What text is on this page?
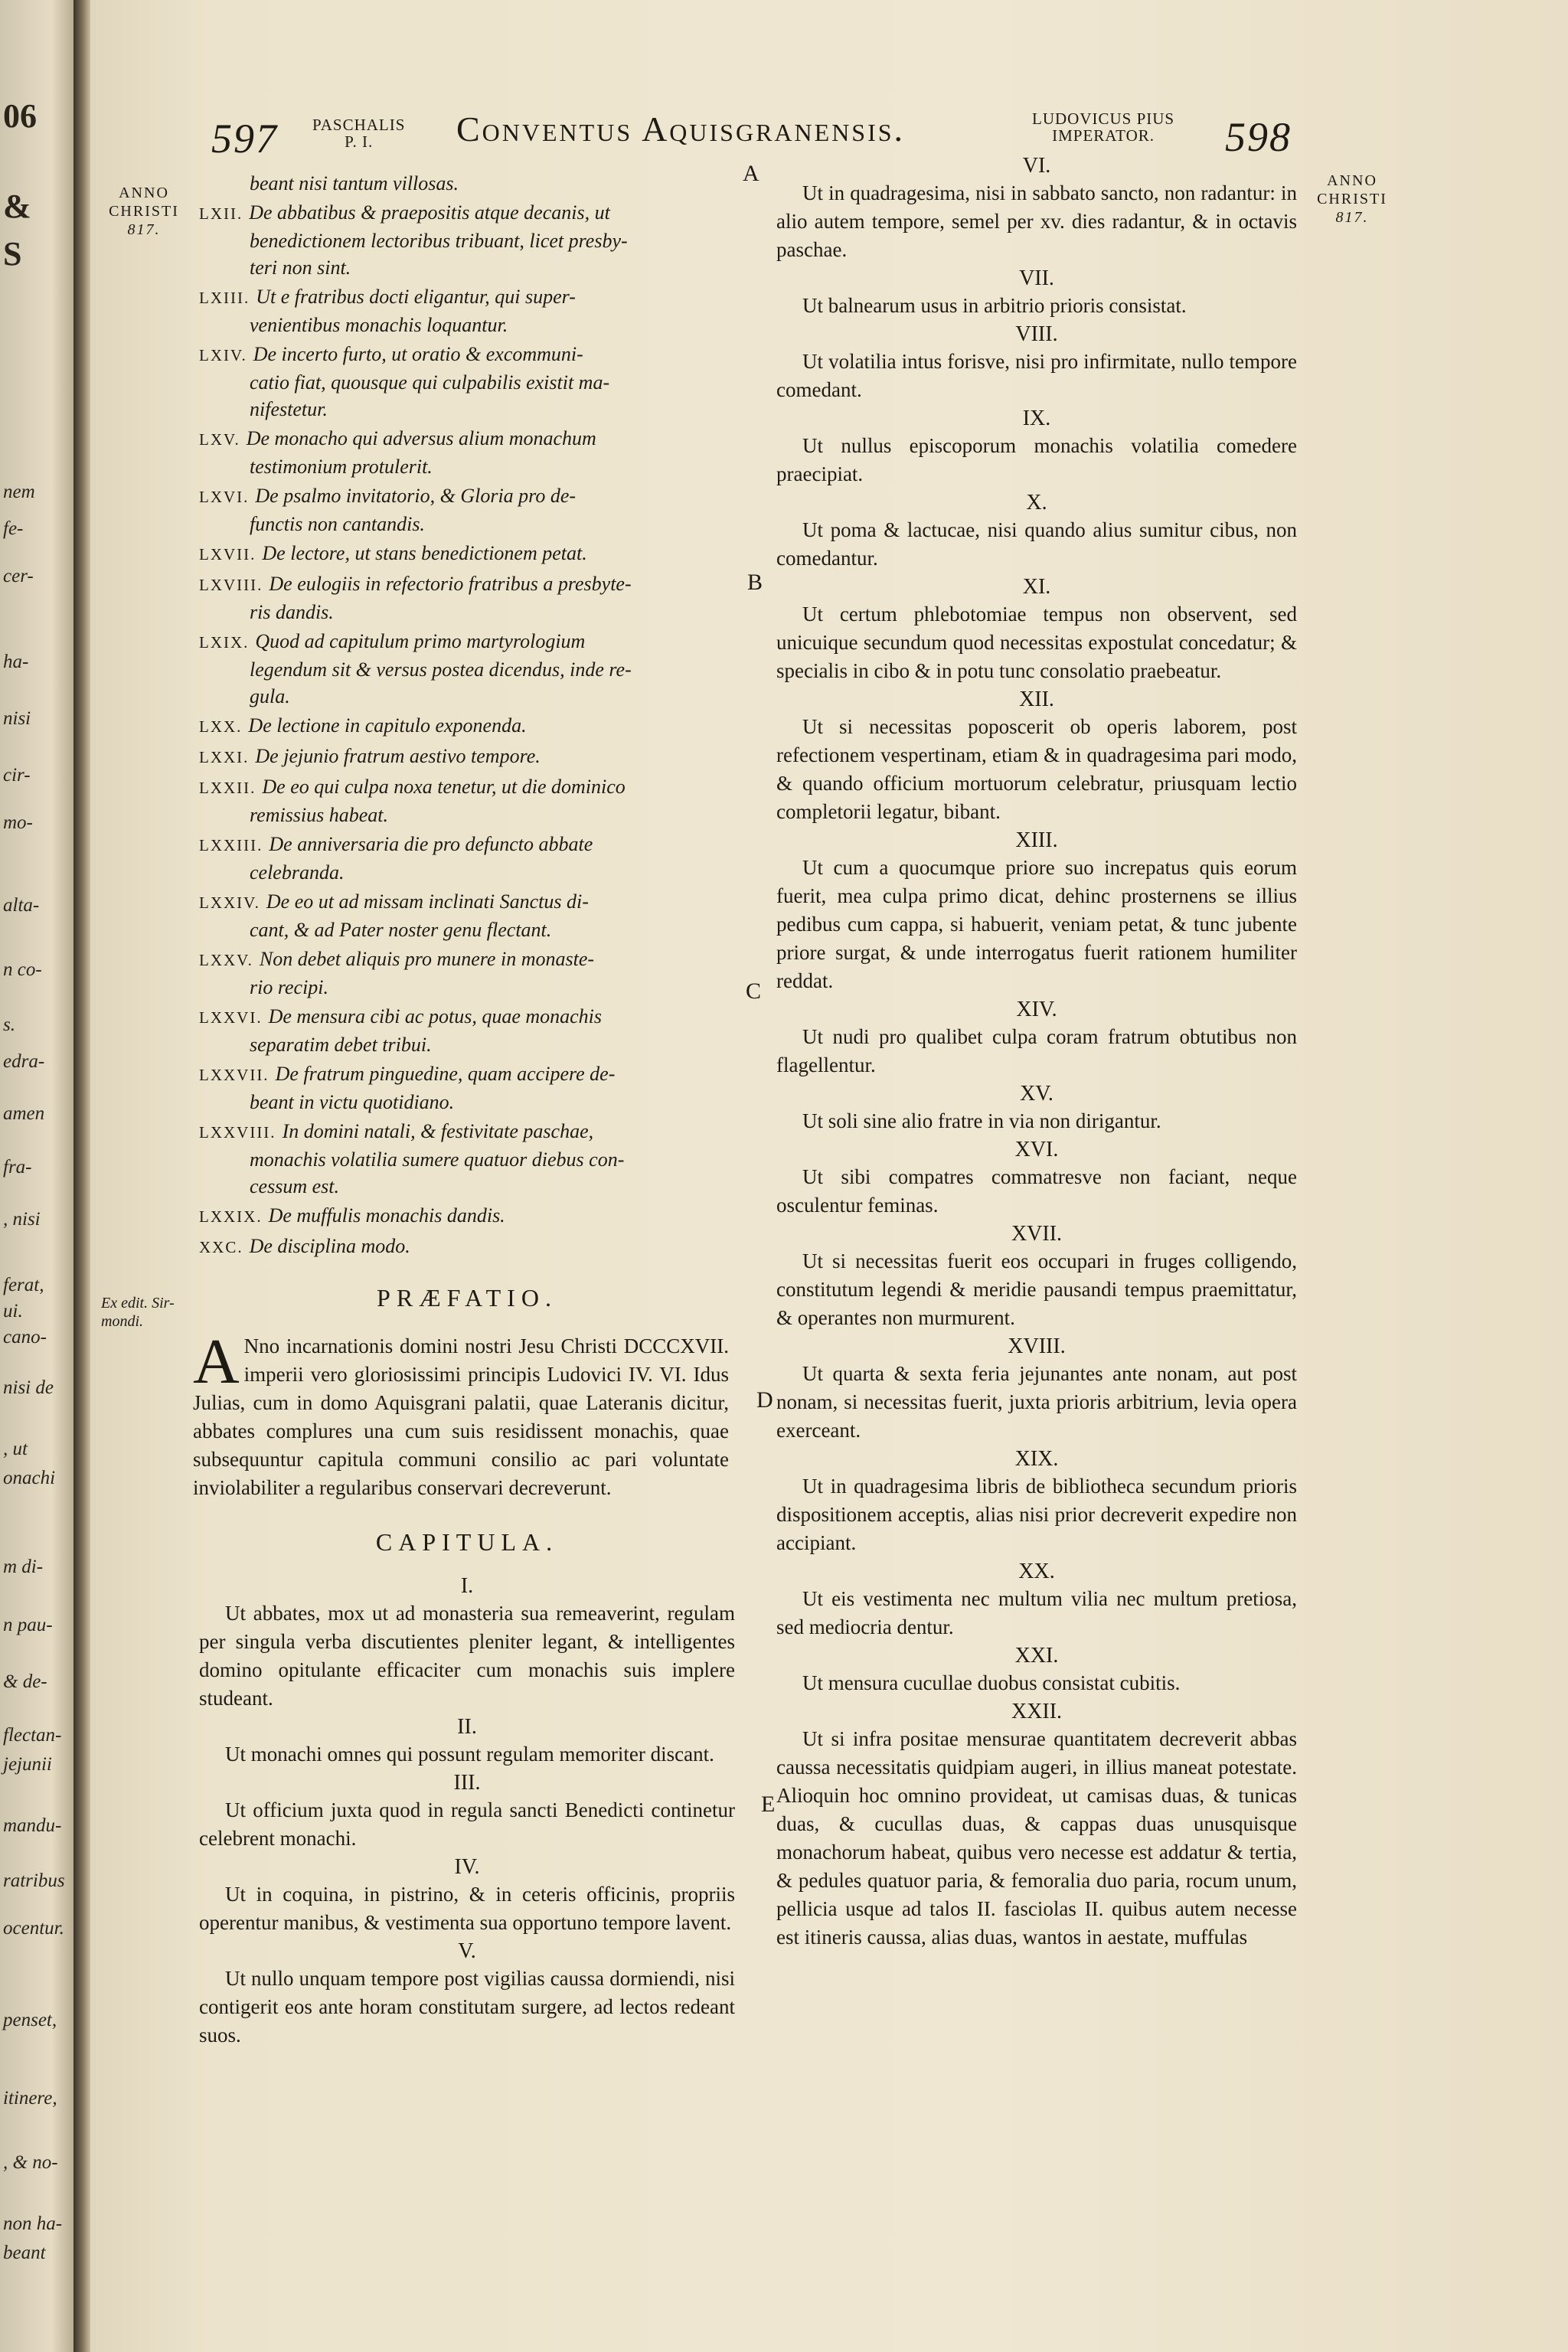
06
&
S
nem
fe-
cer-
ha-
nisi
cir-
mo-
alta-
n co-
s.
edra-
amen
fra-
, nisi
ferat,
ui.
cano-
nisi de
, ut
onachi
m di-
n pau-
& de-
flectan-
jejunii
mandu-
ratribus
ocentur.
penset,
itinere,
, & no-
non ha-
beant
597 PASCHALIS
P. I.	Conventus Aquisgranensis.	LUDOVICUS PIUS
IMPERATOR.	598
ANNO
CHRISTI
817.
ANNO
CHRISTI
817.
Ex edit. Sir-
mondi.
A
B
C
D
E
beant nisi tantum villosas.
LXII. De abbatibus & praepositis atque decanis, ut
benedictionem lectoribus tribuant, licet presby-
teri non sint.
LXIII. Ut e fratribus docti eligantur, qui super-
venientibus monachis loquantur.
LXIV. De incerto furto, ut oratio & excommuni-
catio fiat, quousque qui culpabilis existit ma-
nifestetur.
LXV. De monacho qui adversus alium monachum
testimonium protulerit.
LXVI. De psalmo invitatorio, & Gloria pro de-
functis non cantandis.
LXVII. De lectore, ut stans benedictionem petat.
LXVIII. De eulogiis in refectorio fratribus a presbyte-
ris dandis.
LXIX. Quod ad capitulum primo martyrologium
legendum sit & versus postea dicendus, inde re-
gula.
LXX. De lectione in capitulo exponenda.
LXXI. De jejunio fratrum aestivo tempore.
LXXII. De eo qui culpa noxa tenetur, ut die dominico
remissius habeat.
LXXIII. De anniversaria die pro defuncto abbate
celebranda.
LXXIV. De eo ut ad missam inclinati Sanctus di-
cant, & ad Pater noster genu flectant.
LXXV. Non debet aliquis pro munere in monaste-
rio recipi.
LXXVI. De mensura cibi ac potus, quae monachis
separatim debet tribui.
LXXVII. De fratrum pinguedine, quam accipere de-
beant in victu quotidiano.
LXXVIII. In domini natali, & festivitate paschae,
monachis volatilia sumere quatuor diebus con-
cessum est.
LXXIX. De muffulis monachis dandis.
XXC. De disciplina modo.
PRÆFATIO.
A Nno incarnationis domini nostri Jesu Christi DCCCXVII. imperii vero gloriosissimi principis Ludovici IV. VI. Idus Julias, cum in domo Aquisgrani palatii, quae Lateranis dicitur, abbates complures una cum suis residissent monachis, quae subsequuntur capitula communi consilio ac pari voluntate inviolabiliter a regularibus conservari decreverunt.
CAPITULA.
I.
Ut abbates, mox ut ad monasteria sua remeaverint, regulam per singula verba discutientes pleniter legant, & intelligentes domino opitulante efficaciter cum monachis suis implere studeant.
II.
Ut monachi omnes qui possunt regulam memoriter discant.
III.
Ut officium juxta quod in regula sancti Benedicti continetur celebrent monachi.
IV.
Ut in coquina, in pistrino, & in ceteris officinis, propriis operentur manibus, & vestimenta sua opportuno tempore lavent.
V.
Ut nullo unquam tempore post vigilias caussa dormiendi, nisi contigerit eos ante horam constitutam surgere, ad lectos redeant suos.
VI.
Ut in quadragesima, nisi in sabbato sancto, non radantur: in alio autem tempore, semel per xv. dies radantur, & in octavis paschae.
VII.
Ut balnearum usus in arbitrio prioris consistat.
VIII.
Ut volatilia intus forisve, nisi pro infirmitate, nullo tempore comedant.
IX.
Ut nullus episcoporum monachis volatilia comedere praecipiat.
X.
Ut poma & lactucae, nisi quando alius sumitur cibus, non comedantur.
XI.
Ut certum phlebotomiae tempus non observent, sed unicuique secundum quod necessitas expostulat concedatur; & specialis in cibo & in potu tunc consolatio praebeatur.
XII.
Ut si necessitas poposcerit ob operis laborem, post refectionem vespertinam, etiam & in quadragesima pari modo, & quando officium mortuorum celebratur, priusquam lectio completorii legatur, bibant.
XIII.
Ut cum a quocumque priore suo increpatus quis eorum fuerit, mea culpa primo dicat, dehinc prosternens se illius pedibus cum cappa, si habuerit, veniam petat, & tunc jubente priore surgat, & unde interrogatus fuerit rationem humiliter reddat.
XIV.
Ut nudi pro qualibet culpa coram fratrum obtutibus non flagellentur.
XV.
Ut soli sine alio fratre in via non dirigantur.
XVI.
Ut sibi compatres commatresve non faciant, neque osculentur feminas.
XVII.
Ut si necessitas fuerit eos occupari in fruges colligendo, constitutum legendi & meridie pausandi tempus praemittatur, & operantes non murmurent.
XVIII.
Ut quarta & sexta feria jejunantes ante nonam, aut post nonam, si necessitas fuerit, juxta prioris arbitrium, levia opera exerceant.
XIX.
Ut in quadragesima libris de bibliotheca secundum prioris dispositionem acceptis, alias nisi prior decreverit expedire non accipiant.
XX.
Ut eis vestimenta nec multum vilia nec multum pretiosa, sed mediocria dentur.
XXI.
Ut mensura cucullae duobus consistat cubitis.
XXII.
Ut si infra positae mensurae quantitatem decreverit abbas caussa necessitatis quidpiam augeri, in illius maneat potestate. Alioquin hoc omnino provideat, ut camisas duas, & tunicas duas, & cucullas duas, & cappas duas unusquisque monachorum habeat, quibus vero necesse est addatur & tertia, & pedules quatuor paria, & femoralia duo paria, rocum unum, pellicia usque ad talos II. fasciolas II. quibus autem necesse est itineris caussa, alias duas, wantos in aestate, muffulas
